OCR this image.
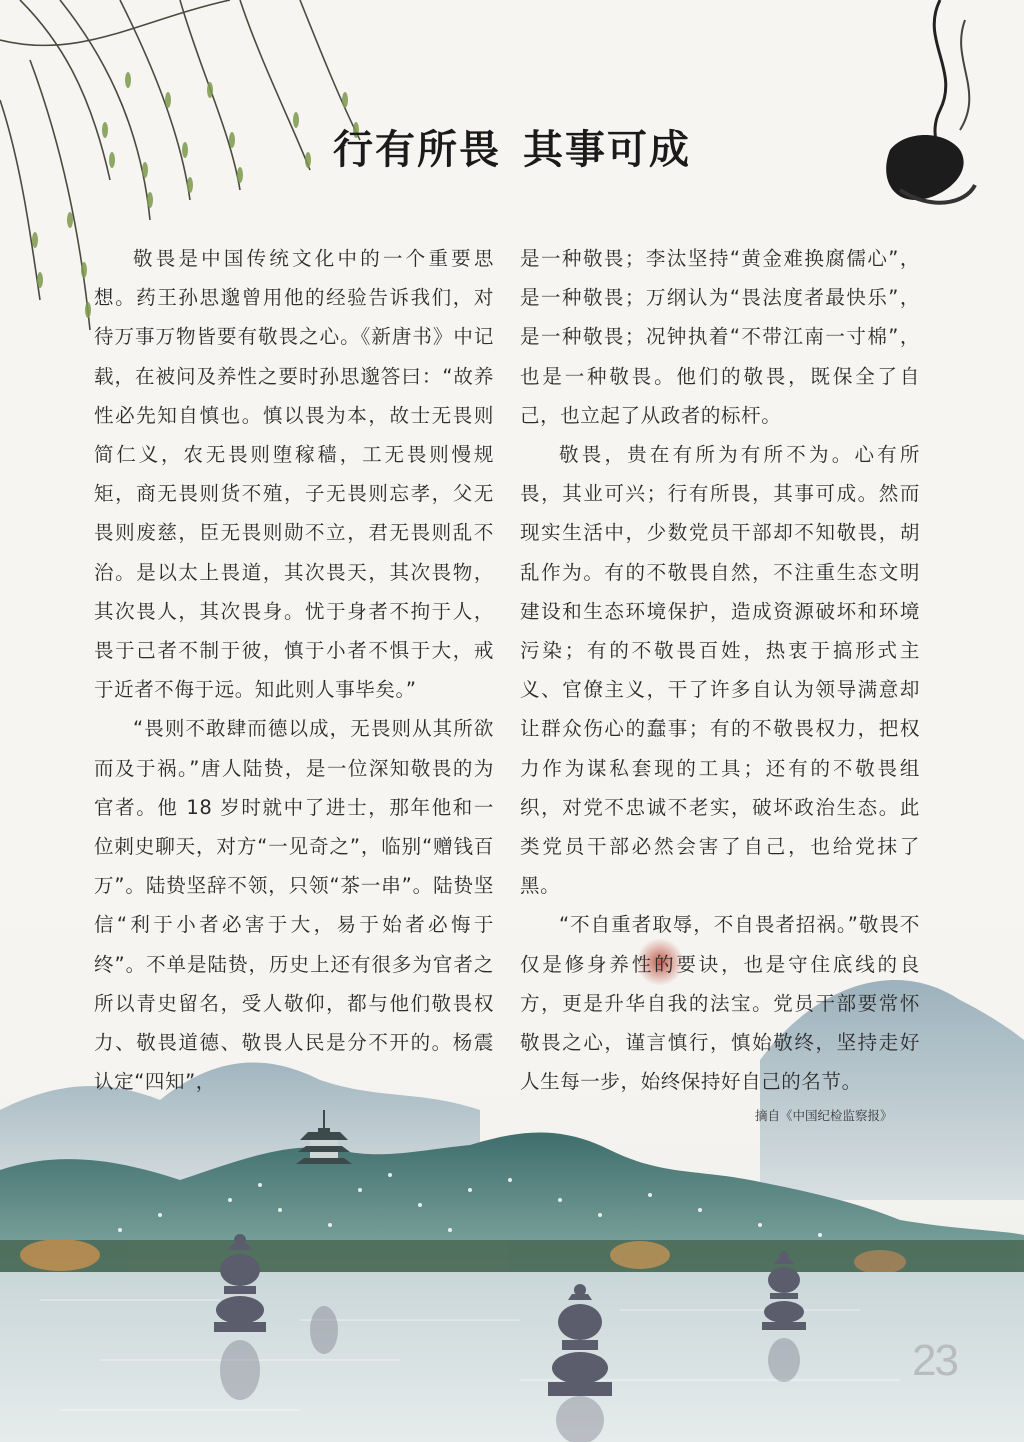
行有所畏 其事可成

敬畏是中国传统文化中的一个重要思想。药王孙思邈曾用他的经验告诉我们，对待万事万物皆要有敬畏之心。《新唐书》中记载，在被问及养性之要时孙思邈答曰：“故养性必先知自慎也。慎以畏为本，故士无畏则简仁义，农无畏则堕稼穑，工无畏则慢规矩，商无畏则货不殖，子无畏则忘孝，父无畏则废慈，臣无畏则勋不立，君无畏则乱不治。是以太上畏道，其次畏天，其次畏物，其次畏人，其次畏身。忧于身者不拘于人，畏于己者不制于彼，慎于小者不惧于大，戒于近者不侮于远。知此则人事毕矣。”

“畏则不敢肆而德以成，无畏则从其所欲而及于祸。”唐人陆贽，是一位深知敬畏的为官者。他 18 岁时就中了进士，那年他和一位刺史聊天，对方“一见奇之”，临别“赠钱百万”。陆贽坚辞不领，只领“茶一串”。陆贽坚信“利于小者必害于大，易于始者必悔于终”。不单是陆贽，历史上还有很多为官者之所以青史留名，受人敬仰，都与他们敬畏权力、敬畏道德、敬畏人民是分不开的。杨震认定“四知”，

是一种敬畏；李汰坚持“黄金难换腐儒心”，是一种敬畏；万纲认为“畏法度者最快乐”，是一种敬畏；况钟执着“不带江南一寸棉”，也是一种敬畏。他们的敬畏，既保全了自己，也立起了从政者的标杆。

敬畏，贵在有所为有所不为。心有所畏，其业可兴；行有所畏，其事可成。然而现实生活中，少数党员干部却不知敬畏，胡乱作为。有的不敬畏自然，不注重生态文明建设和生态环境保护，造成资源破坏和环境污染；有的不敬畏百姓，热衷于搞形式主义、官僚主义，干了许多自认为领导满意却让群众伤心的蠢事；有的不敬畏权力，把权力作为谋私套现的工具；还有的不敬畏组织，对党不忠诚不老实，破坏政治生态。此类党员干部必然会害了自己，也给党抹了黑。

“不自重者取辱，不自畏者招祸。”敬畏不仅是修身养性的要诀，也是守住底线的良方，更是升华自我的法宝。党员干部要常怀敬畏之心，谨言慎行，慎始敬终，坚持走好人生每一步，始终保持好自己的名节。

摘自《中国纪检监察报》
23
